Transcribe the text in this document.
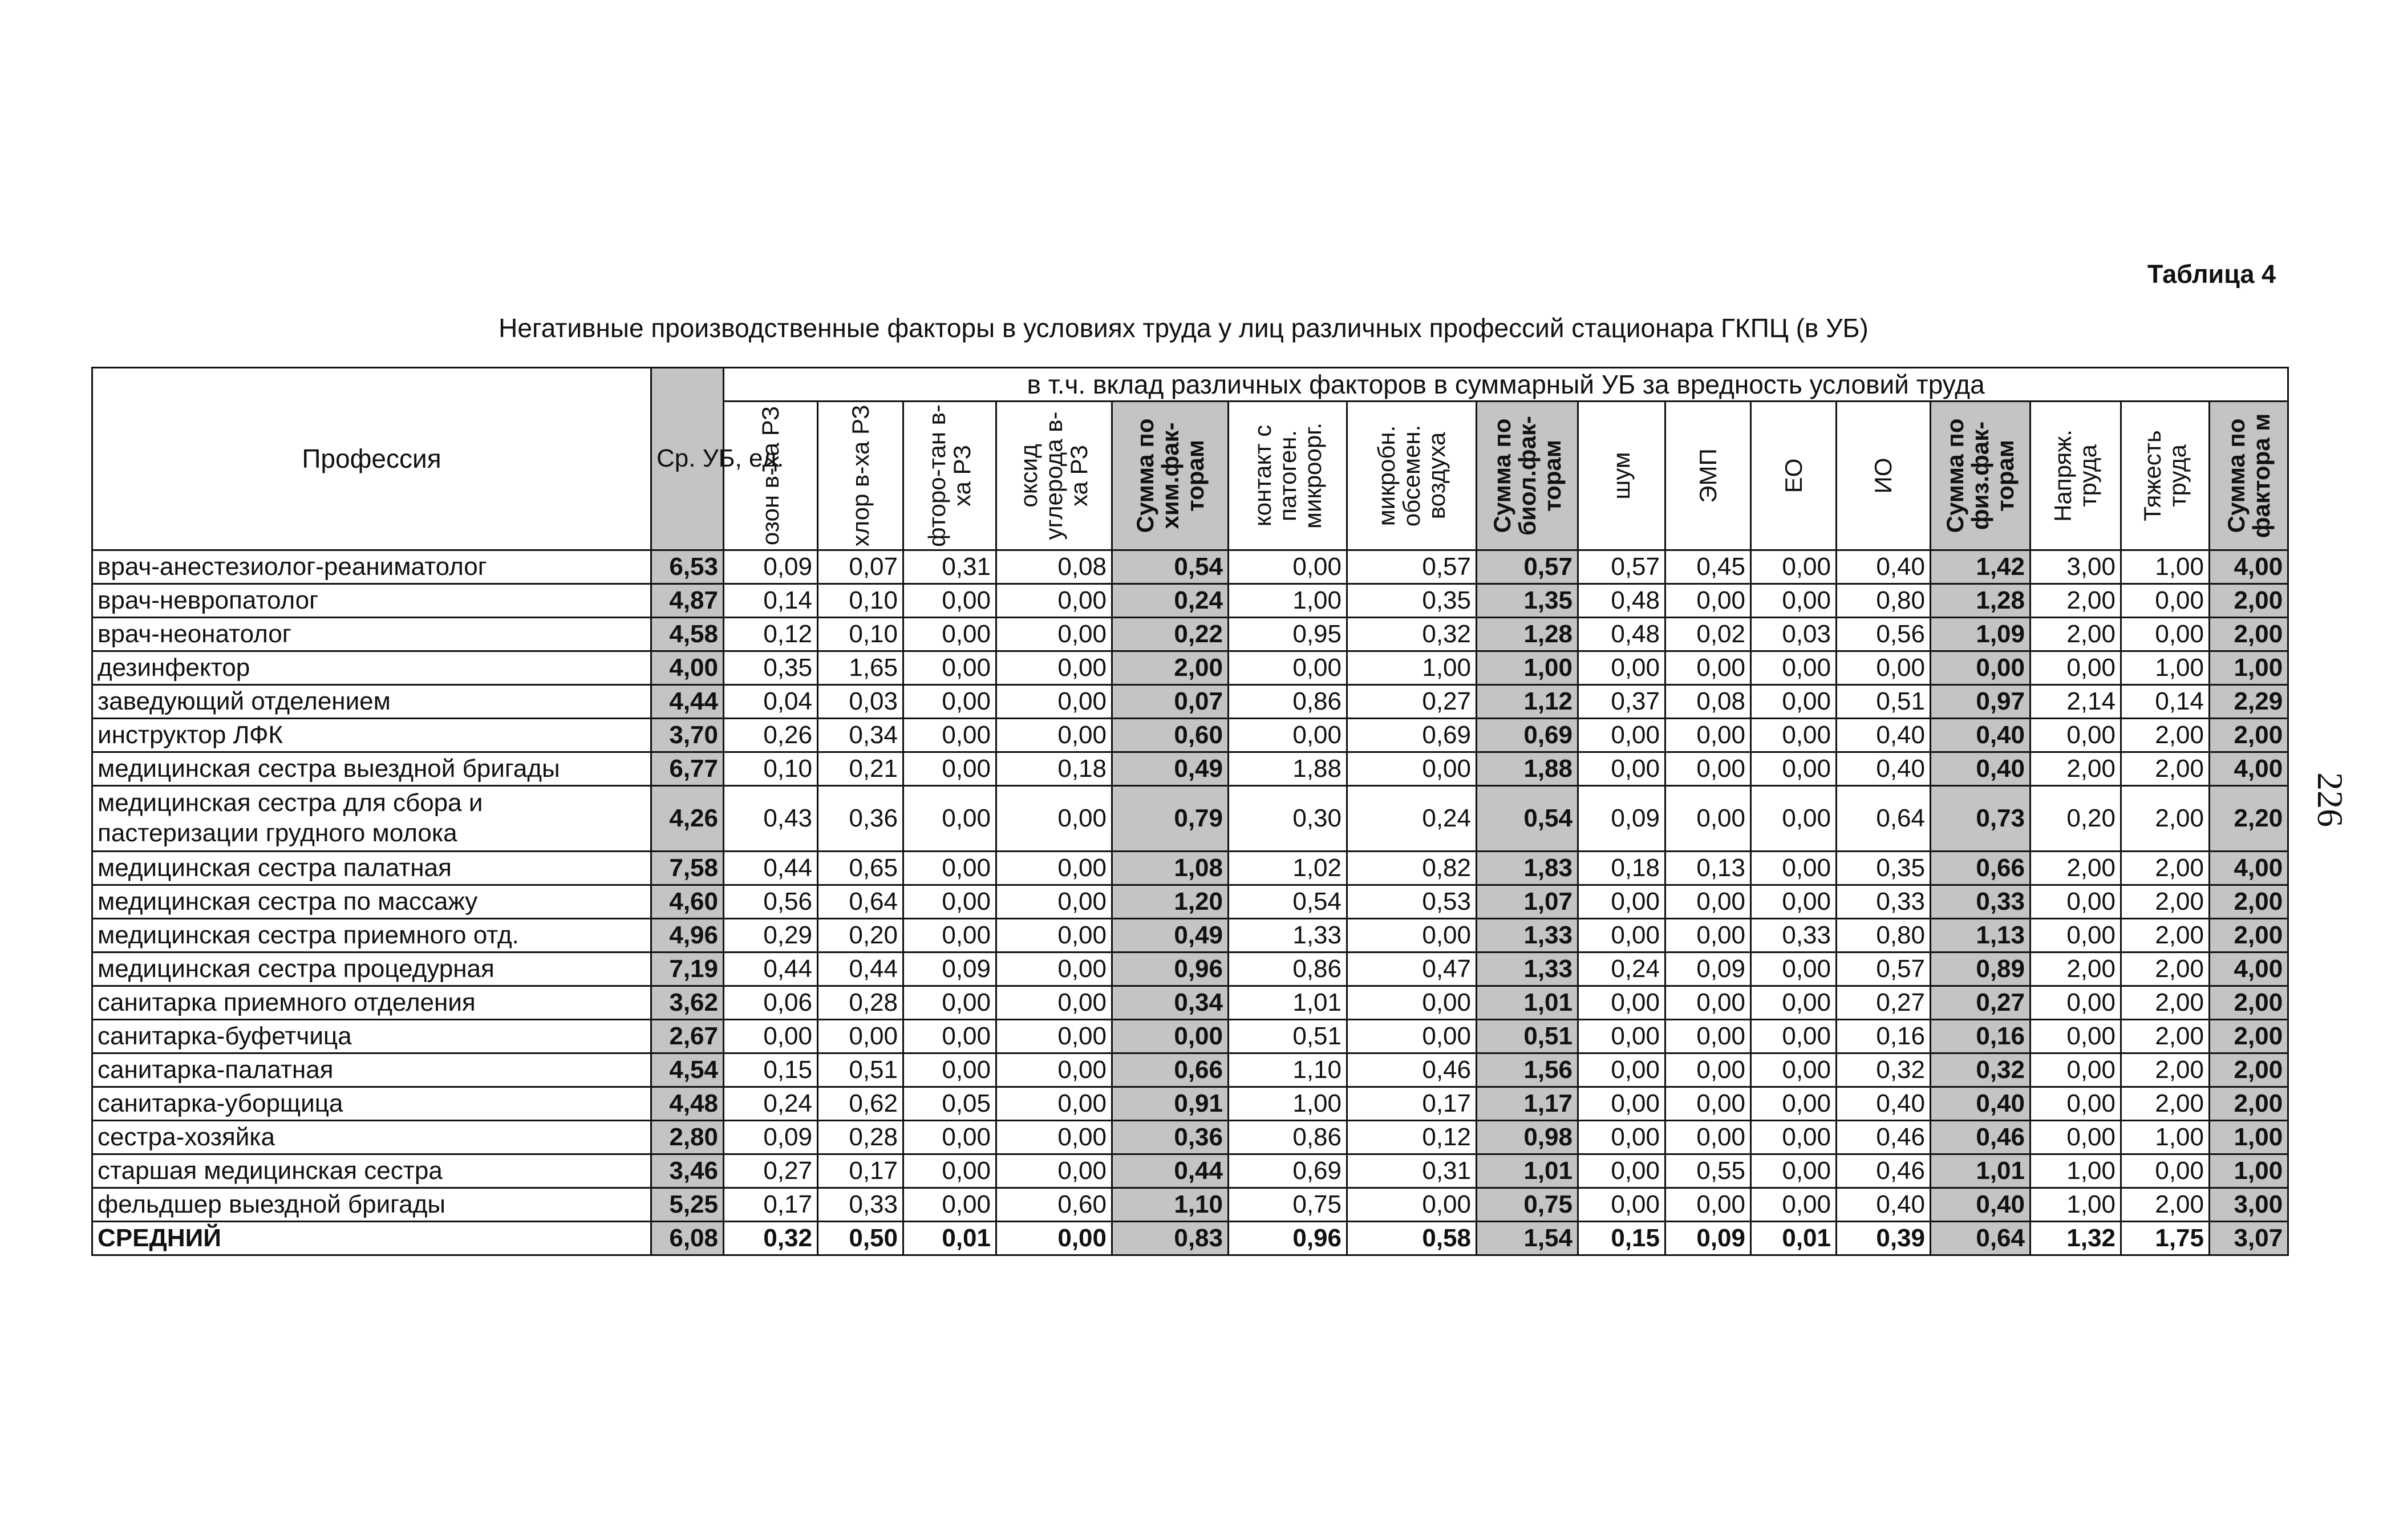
Таблица 4
Негативные производственные факторы в условиях труда у лиц различных профессий стационара ГКПЦ (в УБ)
226
Профессия	Ср. УБ, ед.	в т.ч. вклад различных факторов в суммарный УБ за вредность условий труда															

		озон в-ха РЗ	хлор в-ха РЗ	фторо-тан в-ха РЗ	оксид углерода в-ха РЗ	Сумма по хим.фак-торам	контакт с патоген. микроорг.	микробн. обсемен. воздуха	Сумма по биол.фак-торам	шум	ЭМП	ЕО	ИО	Сумма по физ.фак-торам	Напряж. труда	Тяжесть труда	Сумма по фактора м

врач-анестезиолог-реаниматолог	6,53	0,09	0,07	0,31	0,08	0,54	0,00	0,57	0,57	0,57	0,45	0,00	0,40	1,42	3,00	1,00	4,00
врач-невропатолог	4,87	0,14	0,10	0,00	0,00	0,24	1,00	0,35	1,35	0,48	0,00	0,00	0,80	1,28	2,00	0,00	2,00
врач-неонатолог	4,58	0,12	0,10	0,00	0,00	0,22	0,95	0,32	1,28	0,48	0,02	0,03	0,56	1,09	2,00	0,00	2,00
дезинфектор	4,00	0,35	1,65	0,00	0,00	2,00	0,00	1,00	1,00	0,00	0,00	0,00	0,00	0,00	0,00	1,00	1,00
заведующий отделением	4,44	0,04	0,03	0,00	0,00	0,07	0,86	0,27	1,12	0,37	0,08	0,00	0,51	0,97	2,14	0,14	2,29
инструктор ЛФК	3,70	0,26	0,34	0,00	0,00	0,60	0,00	0,69	0,69	0,00	0,00	0,00	0,40	0,40	0,00	2,00	2,00
медицинская сестра выездной бригады	6,77	0,10	0,21	0,00	0,18	0,49	1,88	0,00	1,88	0,00	0,00	0,00	0,40	0,40	2,00	2,00	4,00
медицинская сестра для сбора и пастеризации грудного молока	4,26	0,43	0,36	0,00	0,00	0,79	0,30	0,24	0,54	0,09	0,00	0,00	0,64	0,73	0,20	2,00	2,20
медицинская сестра палатная	7,58	0,44	0,65	0,00	0,00	1,08	1,02	0,82	1,83	0,18	0,13	0,00	0,35	0,66	2,00	2,00	4,00
медицинская сестра по массажу	4,60	0,56	0,64	0,00	0,00	1,20	0,54	0,53	1,07	0,00	0,00	0,00	0,33	0,33	0,00	2,00	2,00
медицинская сестра приемного отд.	4,96	0,29	0,20	0,00	0,00	0,49	1,33	0,00	1,33	0,00	0,00	0,33	0,80	1,13	0,00	2,00	2,00
медицинская сестра процедурная	7,19	0,44	0,44	0,09	0,00	0,96	0,86	0,47	1,33	0,24	0,09	0,00	0,57	0,89	2,00	2,00	4,00
санитарка приемного отделения	3,62	0,06	0,28	0,00	0,00	0,34	1,01	0,00	1,01	0,00	0,00	0,00	0,27	0,27	0,00	2,00	2,00
санитарка-буфетчица	2,67	0,00	0,00	0,00	0,00	0,00	0,51	0,00	0,51	0,00	0,00	0,00	0,16	0,16	0,00	2,00	2,00
санитарка-палатная	4,54	0,15	0,51	0,00	0,00	0,66	1,10	0,46	1,56	0,00	0,00	0,00	0,32	0,32	0,00	2,00	2,00
санитарка-уборщица	4,48	0,24	0,62	0,05	0,00	0,91	1,00	0,17	1,17	0,00	0,00	0,00	0,40	0,40	0,00	2,00	2,00
сестра-хозяйка	2,80	0,09	0,28	0,00	0,00	0,36	0,86	0,12	0,98	0,00	0,00	0,00	0,46	0,46	0,00	1,00	1,00
старшая медицинская сестра	3,46	0,27	0,17	0,00	0,00	0,44	0,69	0,31	1,01	0,00	0,55	0,00	0,46	1,01	1,00	0,00	1,00
фельдшер выездной бригады	5,25	0,17	0,33	0,00	0,60	1,10	0,75	0,00	0,75	0,00	0,00	0,00	0,40	0,40	1,00	2,00	3,00
СРЕДНИЙ	6,08	0,32	0,50	0,01	0,00	0,83	0,96	0,58	1,54	0,15	0,09	0,01	0,39	0,64	1,32	1,75	3,07
